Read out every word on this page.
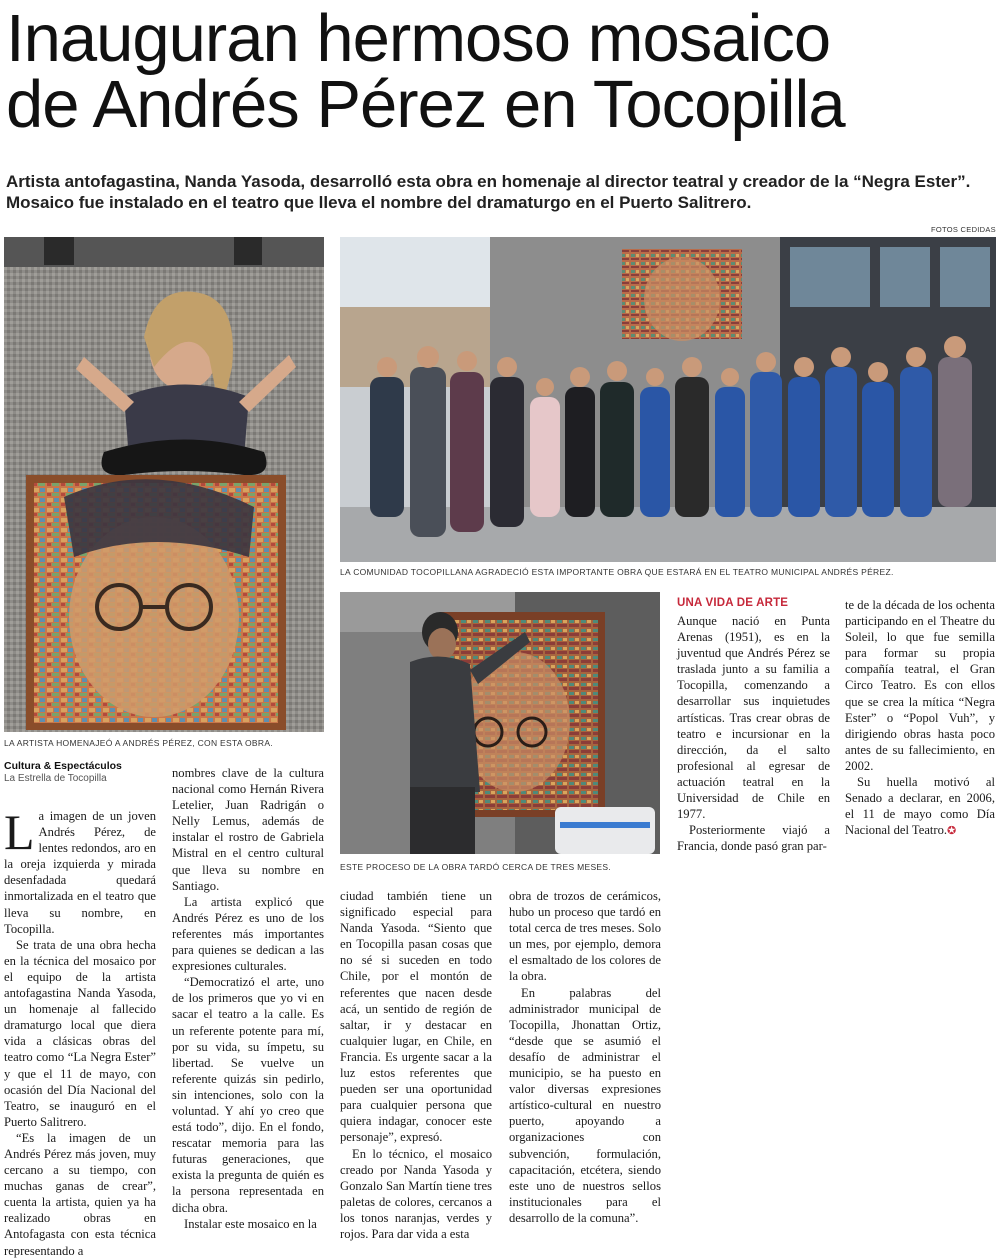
Inauguran hermoso mosaico
de Andrés Pérez en Tocopilla
Artista antofagastina, Nanda Yasoda, desarrolló esta obra en homenaje al director teatral y creador de la “Negra Ester”. Mosaico fue instalado en el teatro que lleva el nombre del dramaturgo en el Puerto Salitrero.
FOTOS CEDIDAS
LA ARTISTA HOMENAJEÓ A ANDRÉS PÉREZ, CON ESTA OBRA.
LA COMUNIDAD TOCOPILLANA AGRADECIÓ ESTA IMPORTANTE OBRA QUE ESTARÁ EN EL TEATRO MUNICIPAL ANDRÉS PÉREZ.
ESTE PROCESO DE LA OBRA TARDÓ CERCA DE TRES MESES.
Cultura & Espectáculos
La Estrella de Tocopilla

La imagen de un joven Andrés Pérez, de lentes redondos, aro en la oreja izquierda y mirada desenfadada quedará inmortalizada en el teatro que lleva su nombre, en Tocopilla.

Se trata de una obra hecha en la técnica del mosaico por el equipo de la artista antofagastina Nanda Yasoda, un homenaje al fallecido dramaturgo local que diera vida a clásicas obras del teatro como “La Negra Ester” y que el 11 de mayo, con ocasión del Día Nacional del Teatro, se inauguró en el Puerto Salitrero.

“Es la imagen de un Andrés Pérez más joven, muy cercano a su tiempo, con muchas ganas de crear”, cuenta la artista, quien ya ha realizado obras en Antofagasta con esta técnica representando a

nombres clave de la cultura nacional como Hernán Rivera Letelier, Juan Radrigán o Nelly Lemus, además de instalar el rostro de Gabriela Mistral en el centro cultural que lleva su nombre en Santiago.

La artista explicó que Andrés Pérez es uno de los referentes más importantes para quienes se dedican a las expresiones culturales.

“Democratizó el arte, uno de los primeros que yo vi en sacar el teatro a la calle. Es un referente potente para mí, por su vida, su ímpetu, su libertad. Se vuelve un referente quizás sin pedirlo, sin intenciones, solo con la voluntad. Y ahí yo creo que está todo”, dijo. En el fondo, rescatar memoria para las futuras generaciones, que exista la pregunta de quién es la persona representada en dicha obra.

Instalar este mosaico en la

ciudad también tiene un significado especial para Nanda Yasoda. “Siento que en Tocopilla pasan cosas que no sé si suceden en todo Chile, por el montón de referentes que nacen desde acá, un sentido de región de saltar, ir y destacar en cualquier lugar, en Chile, en Francia. Es urgente sacar a la luz estos referentes que pueden ser una oportunidad para cualquier persona que quiera indagar, conocer este personaje”, expresó.

En lo técnico, el mosaico creado por Nanda Yasoda y Gonzalo San Martín tiene tres paletas de colores, cercanos a los tonos naranjas, verdes y rojos. Para dar vida a esta

obra de trozos de cerámicos, hubo un proceso que tardó en total cerca de tres meses. Solo un mes, por ejemplo, demora el esmaltado de los colores de la obra.

En palabras del administrador municipal de Tocopilla, Jhonattan Ortiz, “desde que se asumió el desafío de administrar el municipio, se ha puesto en valor diversas expresiones artístico-cultural en nuestro puerto, apoyando a organizaciones con subvención, formulación, capacitación, etcétera, siendo este uno de nuestros sellos institucionales para el desarrollo de la comuna”.

UNA VIDA DE ARTE

Aunque nació en Punta Arenas (1951), es en la juventud que Andrés Pérez se traslada junto a su familia a Tocopilla, comenzando a desarrollar sus inquietudes artísticas. Tras crear obras de teatro e incursionar en la dirección, da el salto profesional al egresar de actuación teatral en la Universidad de Chile en 1977.

Posteriormente viajó a Francia, donde pasó gran par-

te de la década de los ochenta participando en el Theatre du Soleil, lo que fue semilla para formar su propia compañía teatral, el Gran Circo Teatro. Es con ellos que se crea la mítica “Negra Ester” o “Popol Vuh”, y dirigiendo obras hasta poco antes de su fallecimiento, en 2002.

Su huella motivó al Senado a declarar, en 2006, el 11 de mayo como Día Nacional del Teatro.✪
